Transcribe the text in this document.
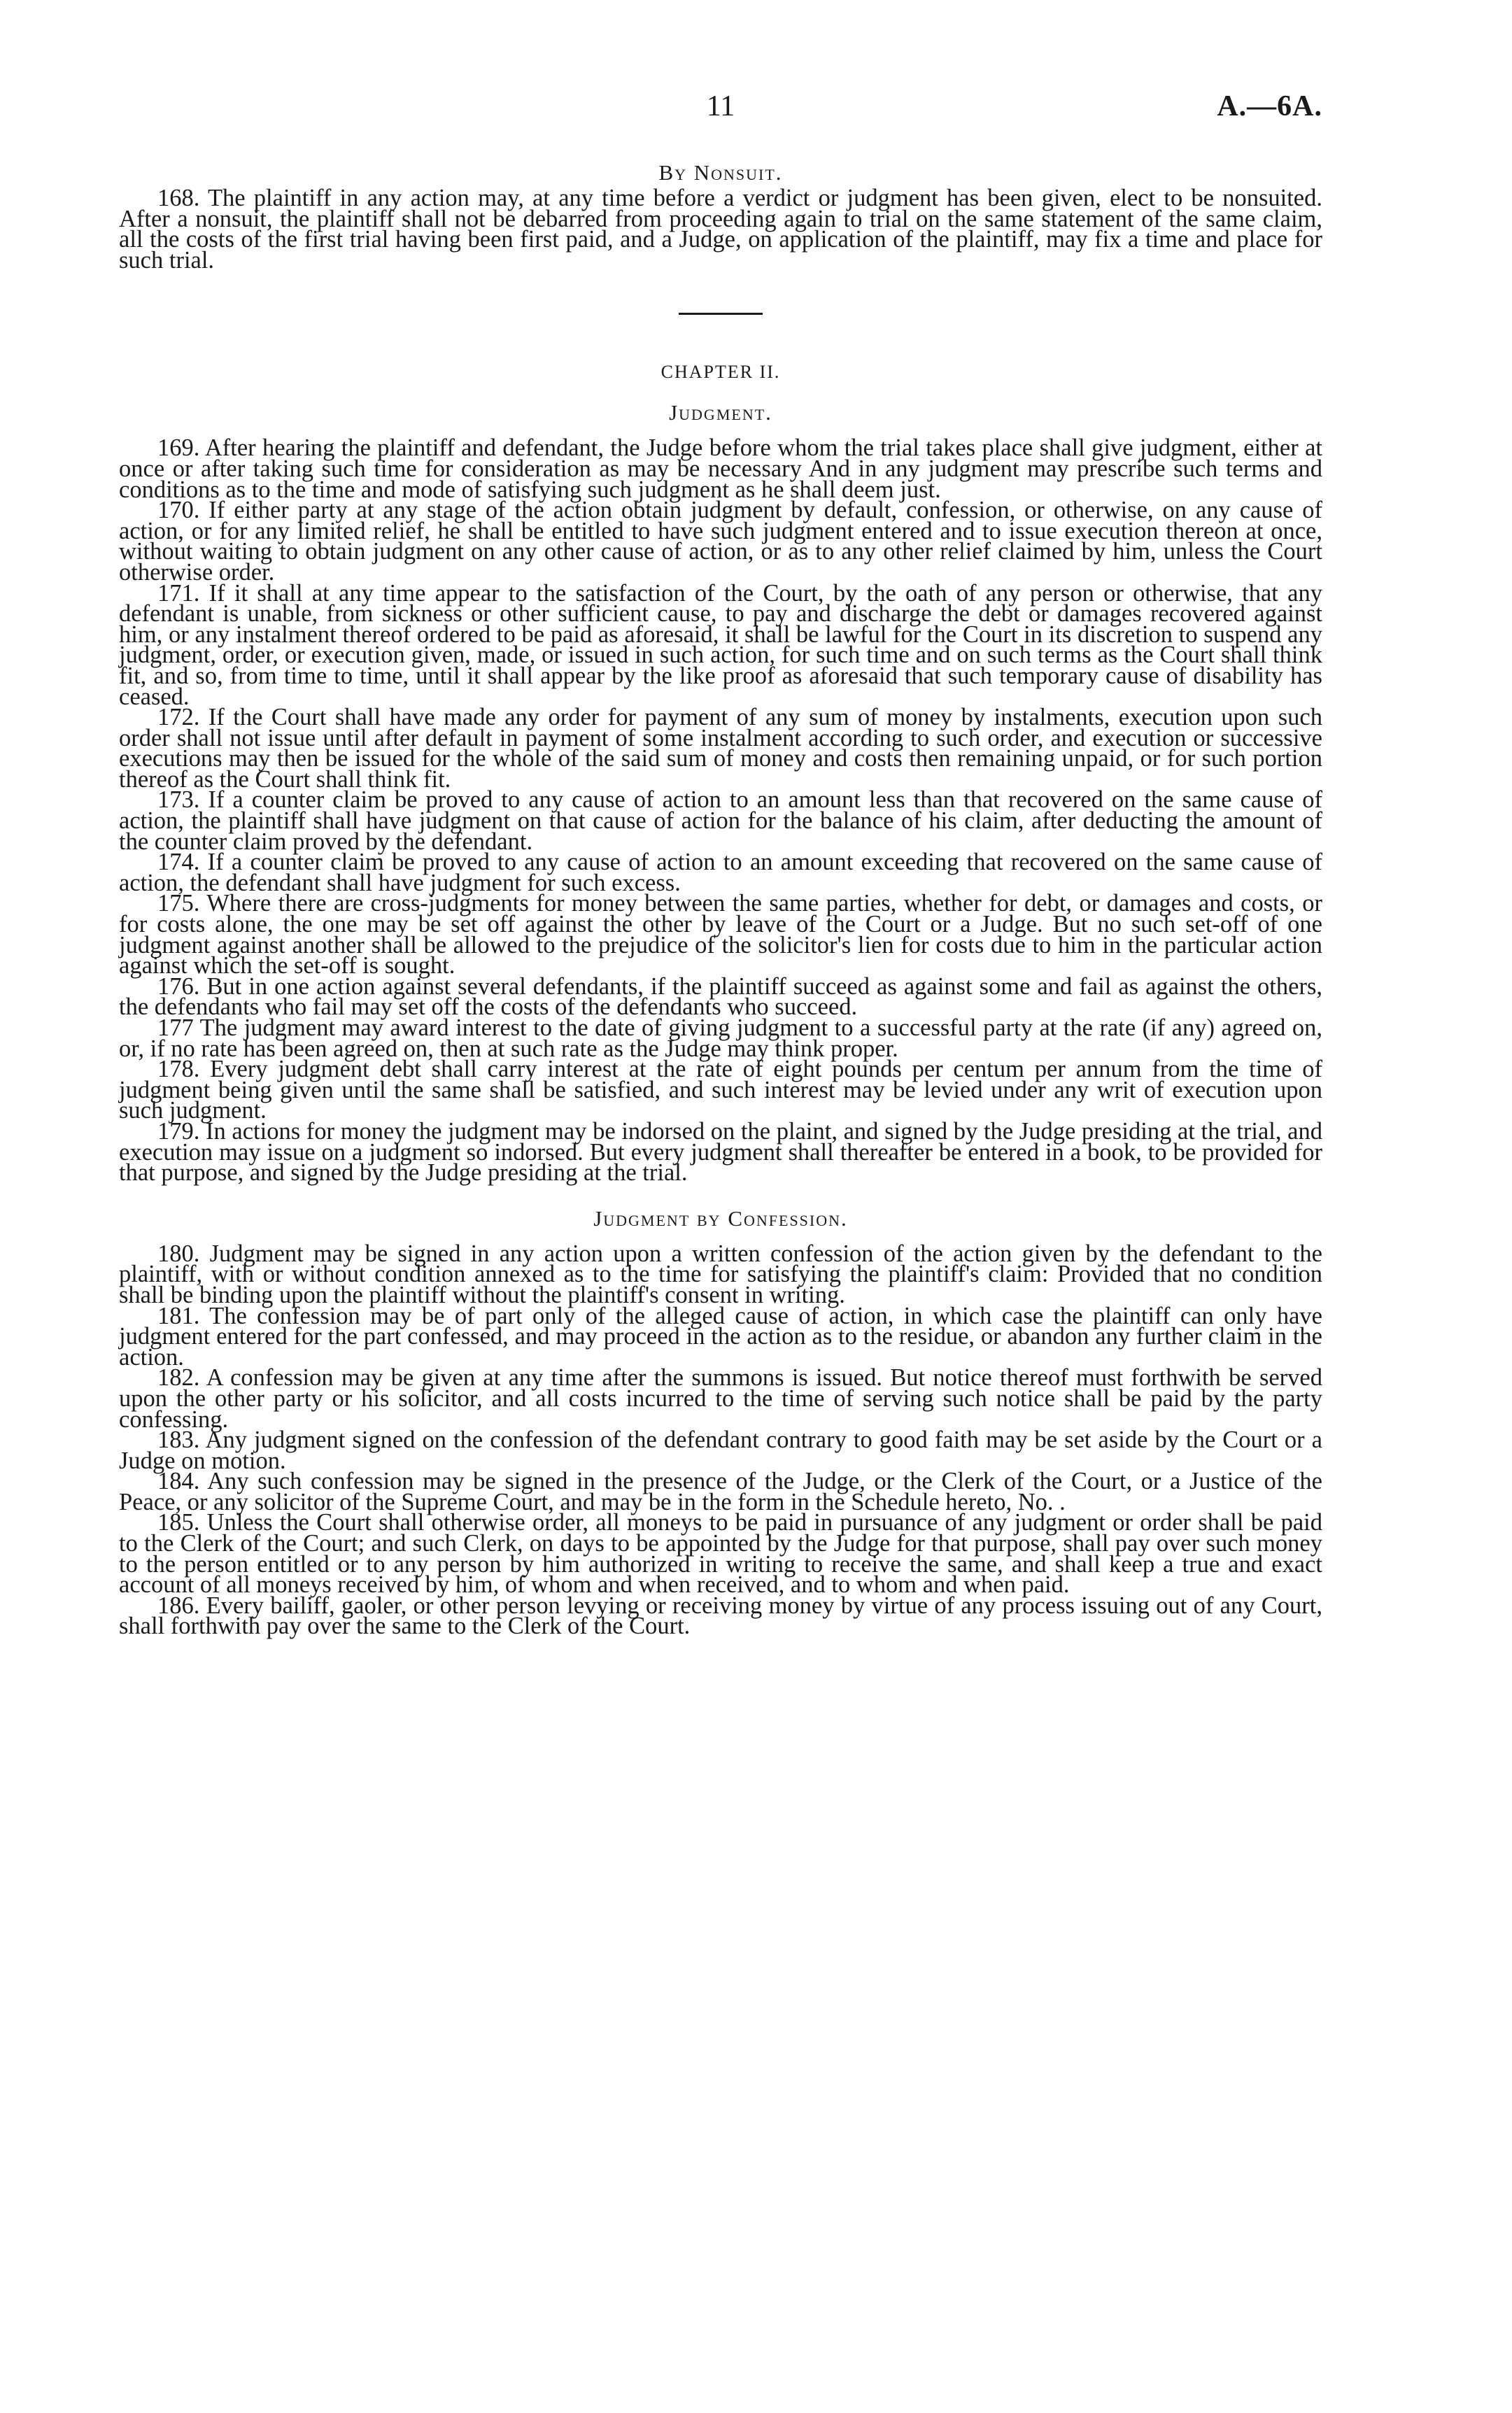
11	A.—6A.
By Nonsuit.

168. The plaintiff in any action may, at any time before a verdict or judgment has been given, elect to be nonsuited. After a nonsuit, the plaintiff shall not be debarred from proceeding again to trial on the same statement of the same claim, all the costs of the first trial having been first paid, and a Judge, on application of the plaintiff, may fix a time and place for such trial.

CHAPTER II.
Judgment.

169. After hearing the plaintiff and defendant, the Judge before whom the trial takes place shall give judgment, either at once or after taking such time for consideration as may be necessary And in any judgment may prescribe such terms and conditions as to the time and mode of satisfying such judgment as he shall deem just.

170. If either party at any stage of the action obtain judgment by default, confession, or otherwise, on any cause of action, or for any limited relief, he shall be entitled to have such judgment entered and to issue execution thereon at once, without waiting to obtain judgment on any other cause of action, or as to any other relief claimed by him, unless the Court otherwise order.

171. If it shall at any time appear to the satisfaction of the Court, by the oath of any person or otherwise, that any defendant is unable, from sickness or other sufficient cause, to pay and discharge the debt or damages recovered against him, or any instalment thereof ordered to be paid as aforesaid, it shall be lawful for the Court in its discretion to suspend any judgment, order, or execution given, made, or issued in such action, for such time and on such terms as the Court shall think fit, and so, from time to time, until it shall appear by the like proof as aforesaid that such temporary cause of disability has ceased.

172. If the Court shall have made any order for payment of any sum of money by instalments, execution upon such order shall not issue until after default in payment of some instalment according to such order, and execution or successive executions may then be issued for the whole of the said sum of money and costs then remaining unpaid, or for such portion thereof as the Court shall think fit.

173. If a counter claim be proved to any cause of action to an amount less than that recovered on the same cause of action, the plaintiff shall have judgment on that cause of action for the balance of his claim, after deducting the amount of the counter claim proved by the defendant.

174. If a counter claim be proved to any cause of action to an amount exceeding that recovered on the same cause of action, the defendant shall have judgment for such excess.

175. Where there are cross-judgments for money between the same parties, whether for debt, or damages and costs, or for costs alone, the one may be set off against the other by leave of the Court or a Judge. But no such set-off of one judgment against another shall be allowed to the prejudice of the solicitor's lien for costs due to him in the particular action against which the set-off is sought.

176. But in one action against several defendants, if the plaintiff succeed as against some and fail as against the others, the defendants who fail may set off the costs of the defendants who succeed.

177 The judgment may award interest to the date of giving judgment to a successful party at the rate (if any) agreed on, or, if no rate has been agreed on, then at such rate as the Judge may think proper.

178. Every judgment debt shall carry interest at the rate of eight pounds per centum per annum from the time of judgment being given until the same shall be satisfied, and such interest may be levied under any writ of execution upon such judgment.

179. In actions for money the judgment may be indorsed on the plaint, and signed by the Judge presiding at the trial, and execution may issue on a judgment so indorsed. But every judgment shall thereafter be entered in a book, to be provided for that purpose, and signed by the Judge presiding at the trial.

Judgment by Confession.

180. Judgment may be signed in any action upon a written confession of the action given by the defendant to the plaintiff, with or without condition annexed as to the time for satisfying the plaintiff's claim: Provided that no condition shall be binding upon the plaintiff without the plaintiff's consent in writing.

181. The confession may be of part only of the alleged cause of action, in which case the plaintiff can only have judgment entered for the part confessed, and may proceed in the action as to the residue, or abandon any further claim in the action.

182. A confession may be given at any time after the summons is issued. But notice thereof must forthwith be served upon the other party or his solicitor, and all costs incurred to the time of serving such notice shall be paid by the party confessing.

183. Any judgment signed on the confession of the defendant contrary to good faith may be set aside by the Court or a Judge on motion.

184. Any such confession may be signed in the presence of the Judge, or the Clerk of the Court, or a Justice of the Peace, or any solicitor of the Supreme Court, and may be in the form in the Schedule hereto, No. .

185. Unless the Court shall otherwise order, all moneys to be paid in pursuance of any judgment or order shall be paid to the Clerk of the Court; and such Clerk, on days to be appointed by the Judge for that purpose, shall pay over such money to the person entitled or to any person by him authorized in writing to receive the same, and shall keep a true and exact account of all moneys received by him, of whom and when received, and to whom and when paid.

186. Every bailiff, gaoler, or other person levying or receiving money by virtue of any process issuing out of any Court, shall forthwith pay over the same to the Clerk of the Court.
